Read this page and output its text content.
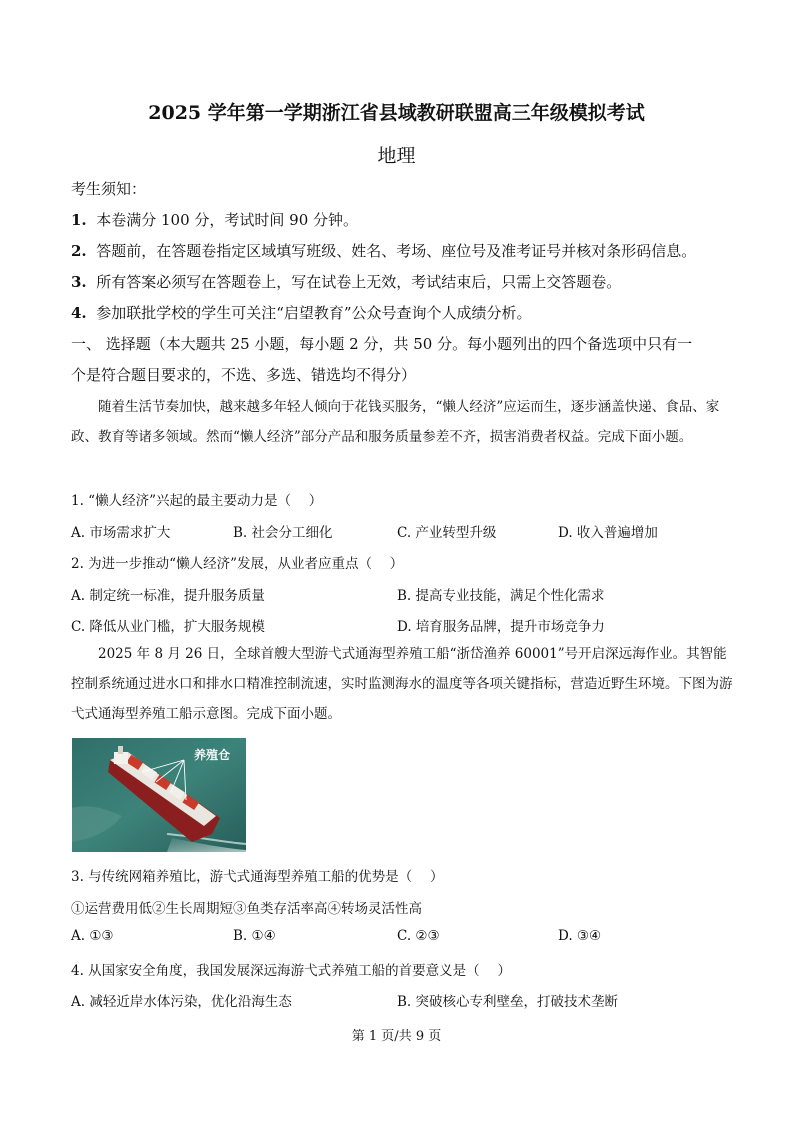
2025 学年第一学期浙江省县域教研联盟高三年级模拟考试
地理
考生须知：
1. 本卷满分 100 分，考试时间 90 分钟。
2. 答题前，在答题卷指定区域填写班级、姓名、考场、座位号及准考证号并核对条形码信息。
3. 所有答案必须写在答题卷上，写在试卷上无效，考试结束后，只需上交答题卷。
4. 参加联批学校的学生可关注“启望教育”公众号查询个人成绩分析。
一、 选择题（本大题共 25 小题，每小题 2 分，共 50 分。每小题列出的四个备选项中只有一
个是符合题目要求的，不选、多选、错选均不得分）
随着生活节奏加快，越来越多年轻人倾向于花钱买服务，“懒人经济”应运而生，逐步涵盖快递、食品、家政、教育等诸多领域。然而“懒人经济”部分产品和服务质量参差不齐，损害消费者权益。完成下面小题。
1. “懒人经济”兴起的最主要动力是（　 ）
A. 市场需求扩大	B. 社会分工细化	C. 产业转型升级	D. 收入普遍增加
2. 为进一步推动“懒人经济”发展，从业者应重点（　 ）
A. 制定统一标准，提升服务质量	B. 提高专业技能，满足个性化需求
C. 降低从业门槛，扩大服务规模	D. 培育服务品牌，提升市场竞争力
2025 年 8 月 26 日，全球首艘大型游弋式通海型养殖工船“浙岱渔养 60001”号开启深远海作业。其智能控制系统通过进水口和排水口精准控制流速，实时监测海水的温度等各项关键指标，营造近野生环境。下图为游弋式通海型养殖工船示意图。完成下面小题。
养殖仓
3. 与传统网箱养殖比，游弋式通海型养殖工船的优势是（　 ）
①运营费用低②生长周期短③鱼类存活率高④转场灵活性高
A. ①③	B. ①④	C. ②③	D. ③④
4. 从国家安全角度，我国发展深远海游弋式养殖工船的首要意义是（　 ）
A. 减轻近岸水体污染，优化沿海生态	B. 突破核心专利壁垒，打破技术垄断
第 1 页/共 9 页
